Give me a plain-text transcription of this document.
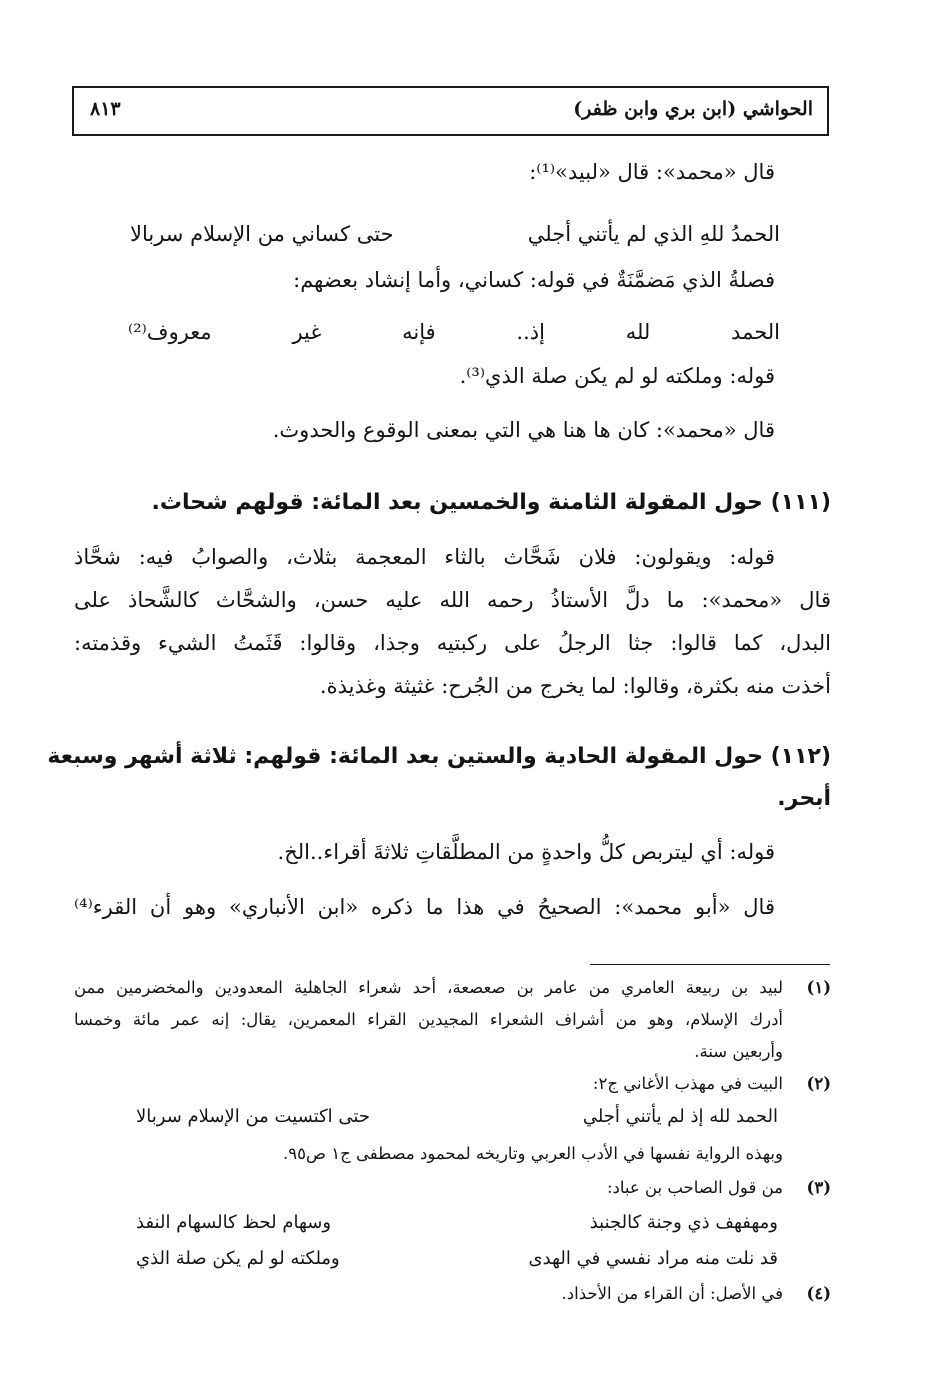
الحواشي (ابن بري وابن ظفر)
٨١٣
قال «محمد»: قال «لبيد»⁽¹⁾:
الحمدُ للهِ الذي لم يأتني أجلي
حتى كساني من الإسلام سربالا
فصلةُ الذي مَضمَّنَةٌ في قوله: كساني، وأما إنشاد بعضهم:
الحمد
لله
إذ..
فإنه
غير
معروف⁽²⁾
قوله: وملكته لو لم يكن صلة الذي⁽³⁾.
قال «محمد»: كان ها هنا هي التي بمعنى الوقوع والحدوث.
(١١١) حول المقولة الثامنة والخمسين بعد المائة: قولهم شحاث.
قوله: ويقولون: فلان شَحَّاث بالثاء المعجمة بثلاث، والصوابُ فيه: شحَّاذ
قال «محمد»: ما دلَّ الأستاذُ رحمه الله عليه حسن، والشحَّاث كالشَّحاذ على
البدل، كما قالوا: جثا الرجلُ على ركبتيه وجذا، وقالوا: قَثَمتُ الشيء وقذمته:
أخذت منه بكثرة، وقالوا: لما يخرج من الجُرح: غثيثة وغذيذة.
(١١٢) حول المقولة الحادية والستين بعد المائة: قولهم: ثلاثة أشهر وسبعة
أبحر.
قوله: أي ليتربص كلُّ واحدةٍ من المطلَّقاتِ ثلاثةَ أقراء..الخ.
قال «أبو محمد»: الصحيحُ في هذا ما ذكره «ابن الأنباري» وهو أن القرء⁽⁴⁾
(١)
لبيد بن ربيعة العامري من عامر بن صعصعة، أحد شعراء الجاهلية المعدودين والمخضرمين ممن
أدرك الإسلام، وهو من أشراف الشعراء المجيدين القراء المعمرين، يقال: إنه عمر مائة وخمسا
وأربعين سنة.
(٢)
البيت في مهذب الأغاني ج٢:
الحمد لله إذ لم يأتني أجلي
حتى اكتسيت من الإسلام سربالا
وبهذه الرواية نفسها في الأدب العربي وتاريخه لمحمود مصطفى ج١ ص٩٥.
(٣)
من قول الصاحب بن عباد:
ومهفهف ذي وجنة كالجنبذ
وسهام لحظ كالسهام النفذ
قد نلت منه مراد نفسي في الهدى
وملكته لو لم يكن صلة الذي
(٤)
في الأصل: أن القراء من الأحذاد.
